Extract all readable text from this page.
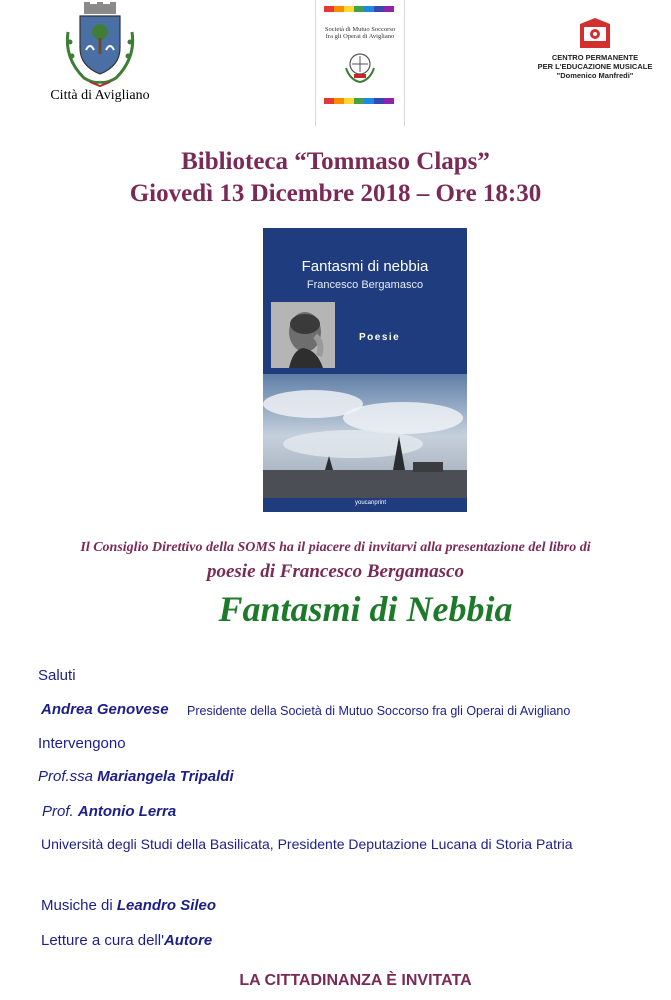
Città di Avigliano
Società di Mutuo Soccorso
fra gli Operai di Avigliano
CENTRO PERMANENTE
PER L'EDUCAZIONE MUSICALE
"Domenico Manfredi"
Biblioteca “Tommaso Claps”
Giovedì 13 Dicembre 2018 – Ore 18:30
Fantasmi di nebbia
Francesco Bergamasco
Poesie
youcanprint
Il Consiglio Direttivo della SOMS ha il piacere di invitarvi alla presentazione del libro di
poesie di Francesco Bergamasco
Fantasmi di Nebbia
Saluti
Andrea Genovese Presidente della Società di Mutuo Soccorso fra gli Operai di Avigliano
Intervengono
Prof.ssa Mariangela Tripaldi
Prof. Antonio Lerra
Università degli Studi della Basilicata, Presidente Deputazione Lucana di Storia Patria
Musiche di Leandro Sileo
Letture a cura dell'Autore
LA CITTADINANZA È INVITATA
